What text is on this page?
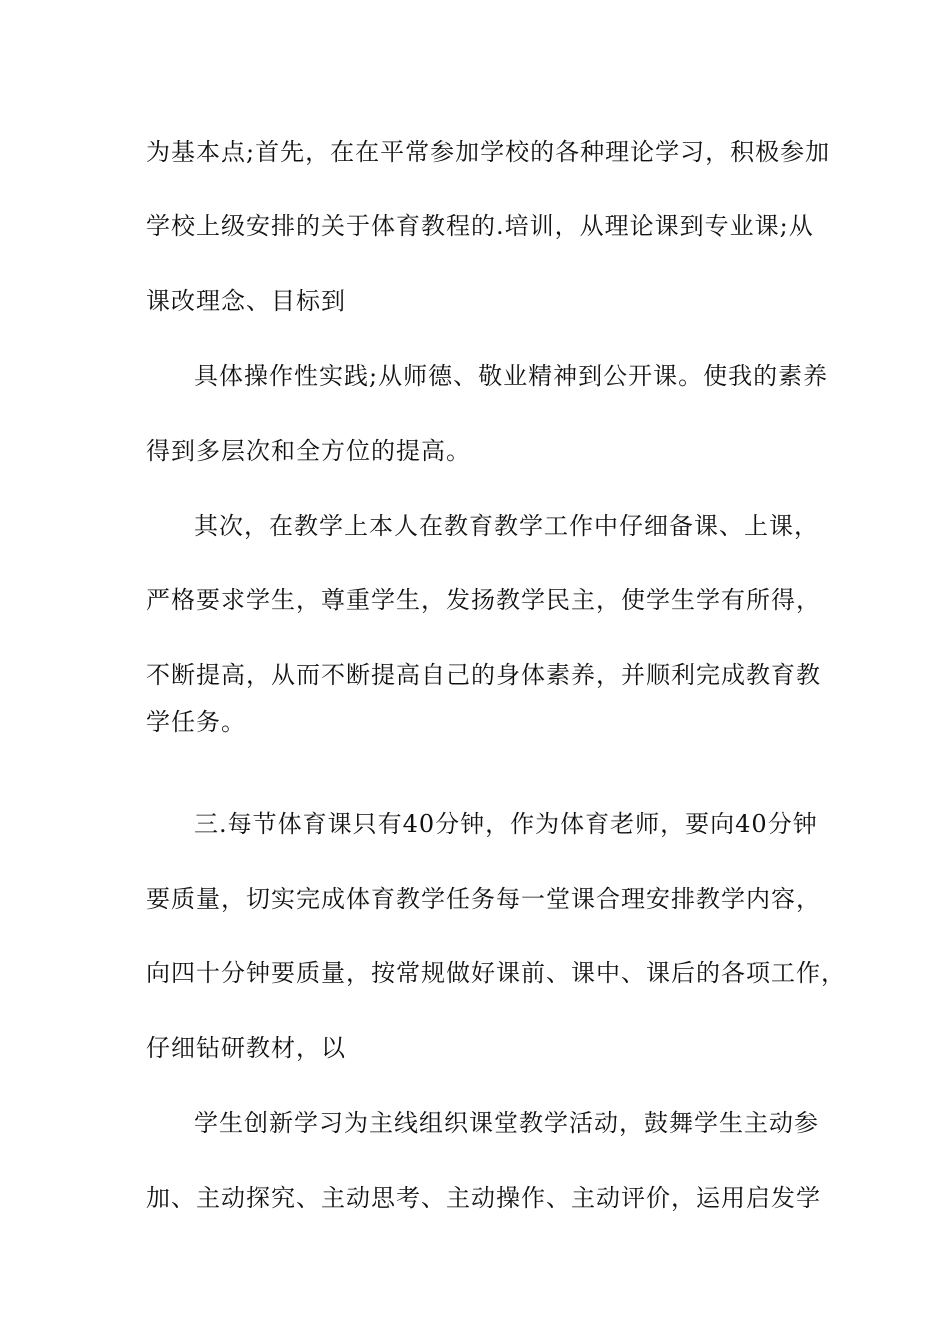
为基本点;首先，在在平常参加学校的各种理论学习，积极参加
学校上级安排的关于体育教程的.培训，从理论课到专业课;从
课改理念、目标到
具体操作性实践;从师德、敬业精神到公开课。使我的素养
得到多层次和全方位的提高。
其次，在教学上本人在教育教学工作中仔细备课、上课，
严格要求学生，尊重学生，发扬教学民主，使学生学有所得，
不断提高，从而不断提高自己的身体素养，并顺利完成教育教
学任务。
三.每节体育课只有40分钟，作为体育老师，要向40分钟
要质量，切实完成体育教学任务每一堂课合理安排教学内容，
向四十分钟要质量，按常规做好课前、课中、课后的各项工作，
仔细钻研教材，以
学生创新学习为主线组织课堂教学活动，鼓舞学生主动参
加、主动探究、主动思考、主动操作、主动评价，运用启发学
